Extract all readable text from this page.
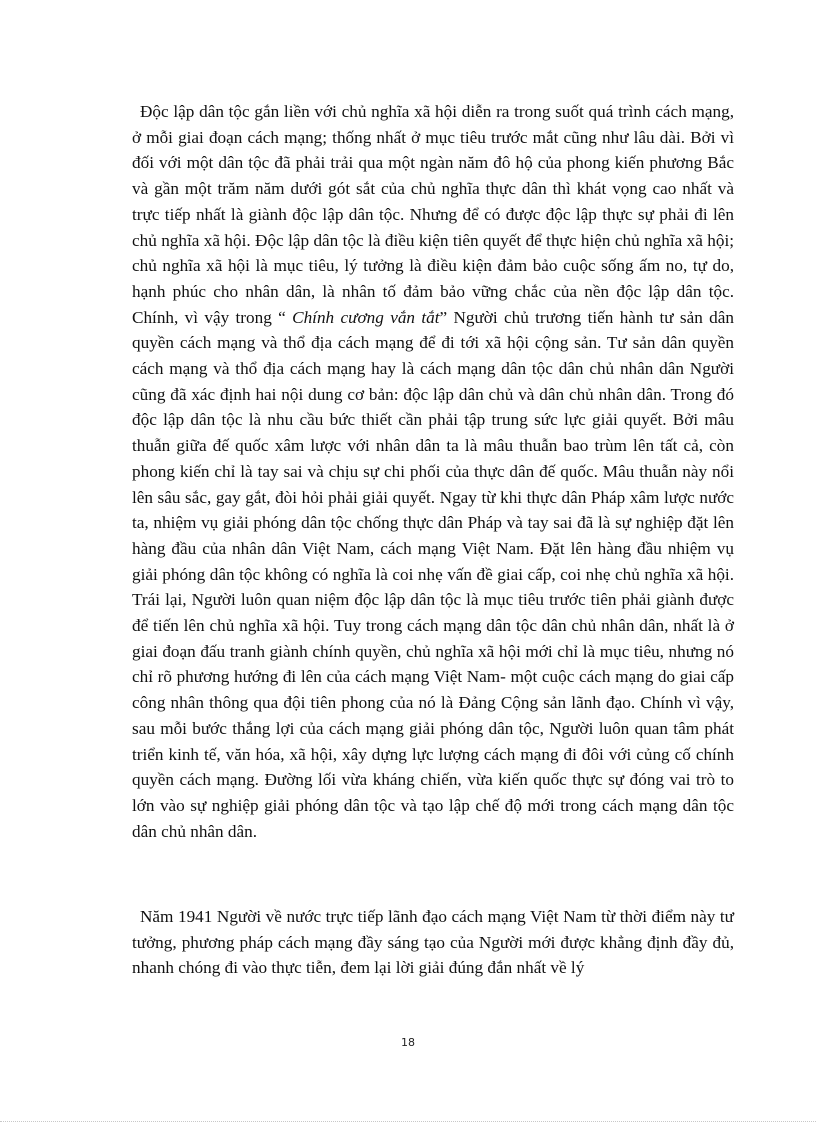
Độc lập dân tộc gắn liền với chủ nghĩa xã hội diễn ra trong suốt quá trình cách mạng, ở mỗi giai đoạn cách mạng; thống nhất ở mục tiêu trước mắt cũng như lâu dài. Bởi vì đối với một dân tộc đã phải trải qua một ngàn năm đô hộ của phong kiến phương Bắc và gần một trăm năm dưới gót sắt của chủ nghĩa thực dân thì khát vọng cao nhất và trực tiếp nhất là giành độc lập dân tộc. Nhưng để có được độc lập thực sự phải đi lên chủ nghĩa xã hội. Độc lập dân tộc là điều kiện tiên quyết để thực hiện chủ nghĩa xã hội; chủ nghĩa xã hội là mục tiêu, lý tưởng là điều kiện đảm bảo cuộc sống ấm no, tự do, hạnh phúc cho nhân dân, là nhân tố đảm bảo vững chắc của nền độc lập dân tộc. Chính, vì vậy trong “ Chính cương vắn tắt” Người chủ trương tiến hành tư sản dân quyền cách mạng và thổ địa cách mạng để đi tới xã hội cộng sản. Tư sản dân quyền cách mạng và thổ địa cách mạng hay là cách mạng dân tộc dân chủ nhân dân Người cũng đã xác định hai nội dung cơ bản: độc lập dân chủ và dân chủ nhân dân. Trong đó độc lập dân tộc là nhu cầu bức thiết cần phải tập trung sức lực giải quyết. Bởi mâu thuẫn giữa đế quốc xâm lược với nhân dân ta là mâu thuẫn bao trùm lên tất cả, còn phong kiến chỉ là tay sai và chịu sự chi phối của thực dân đế quốc. Mâu thuẫn này nổi lên sâu sắc, gay gắt, đòi hỏi phải giải quyết. Ngay từ khi thực dân Pháp xâm lược nước ta, nhiệm vụ giải phóng dân tộc chống thực dân Pháp và tay sai đã là sự nghiệp đặt lên hàng đầu của nhân dân Việt Nam, cách mạng Việt Nam. Đặt lên hàng đầu nhiệm vụ giải phóng dân tộc không có nghĩa là coi nhẹ vấn đề giai cấp, coi nhẹ chủ nghĩa xã hội. Trái lại, Người luôn quan niệm độc lập dân tộc là mục tiêu trước tiên phải giành được để tiến lên chủ nghĩa xã hội. Tuy trong cách mạng dân tộc dân chủ nhân dân, nhất là ở giai đoạn đấu tranh giành chính quyền, chủ nghĩa xã hội mới chỉ là mục tiêu, nhưng nó chỉ rõ phương hướng đi lên của cách mạng Việt Nam- một cuộc cách mạng do giai cấp công nhân thông qua đội tiên phong của nó là Đảng Cộng sản lãnh đạo. Chính vì vậy, sau mỗi bước thắng lợi của cách mạng giải phóng dân tộc, Người luôn quan tâm phát triển kinh tế, văn hóa, xã hội, xây dựng lực lượng cách mạng đi đôi với củng cố chính quyền cách mạng. Đường lối vừa kháng chiến, vừa kiến quốc thực sự đóng vai trò to lớn vào sự nghiệp giải phóng dân tộc và tạo lập chế độ mới trong cách mạng dân tộc dân chủ nhân dân.

Năm 1941 Người về nước trực tiếp lãnh đạo cách mạng Việt Nam từ thời điểm này tư tưởng, phương pháp cách mạng đầy sáng tạo của Người mới được khẳng định đầy đủ, nhanh chóng đi vào thực tiễn, đem lại lời giải đúng đắn nhất về lý

18
